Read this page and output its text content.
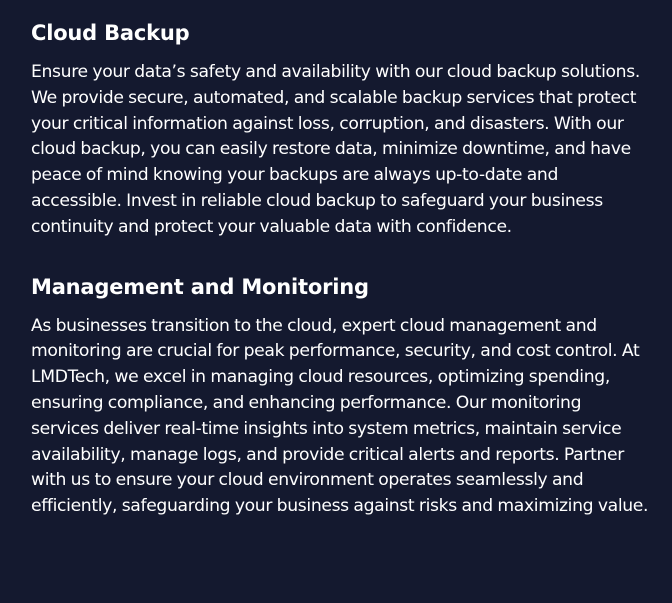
Cloud Backup

Ensure your data’s safety and availability with our cloud backup solutions. We provide secure, automated, and scalable backup services that protect your critical information against loss, corruption, and disasters. With our cloud backup, you can easily restore data, minimize downtime, and have peace of mind knowing your backups are always up-to-date and accessible. Invest in reliable cloud backup to safeguard your business continuity and protect your valuable data with confidence.

Management and Monitoring

As businesses transition to the cloud, expert cloud management and monitoring are crucial for peak performance, security, and cost control. At LMDTech, we excel in managing cloud resources, optimizing spending, ensuring compliance, and enhancing performance. Our monitoring services deliver real-time insights into system metrics, maintain service availability, manage logs, and provide critical alerts and reports. Partner with us to ensure your cloud environment operates seamlessly and efficiently, safeguarding your business against risks and maximizing value.
